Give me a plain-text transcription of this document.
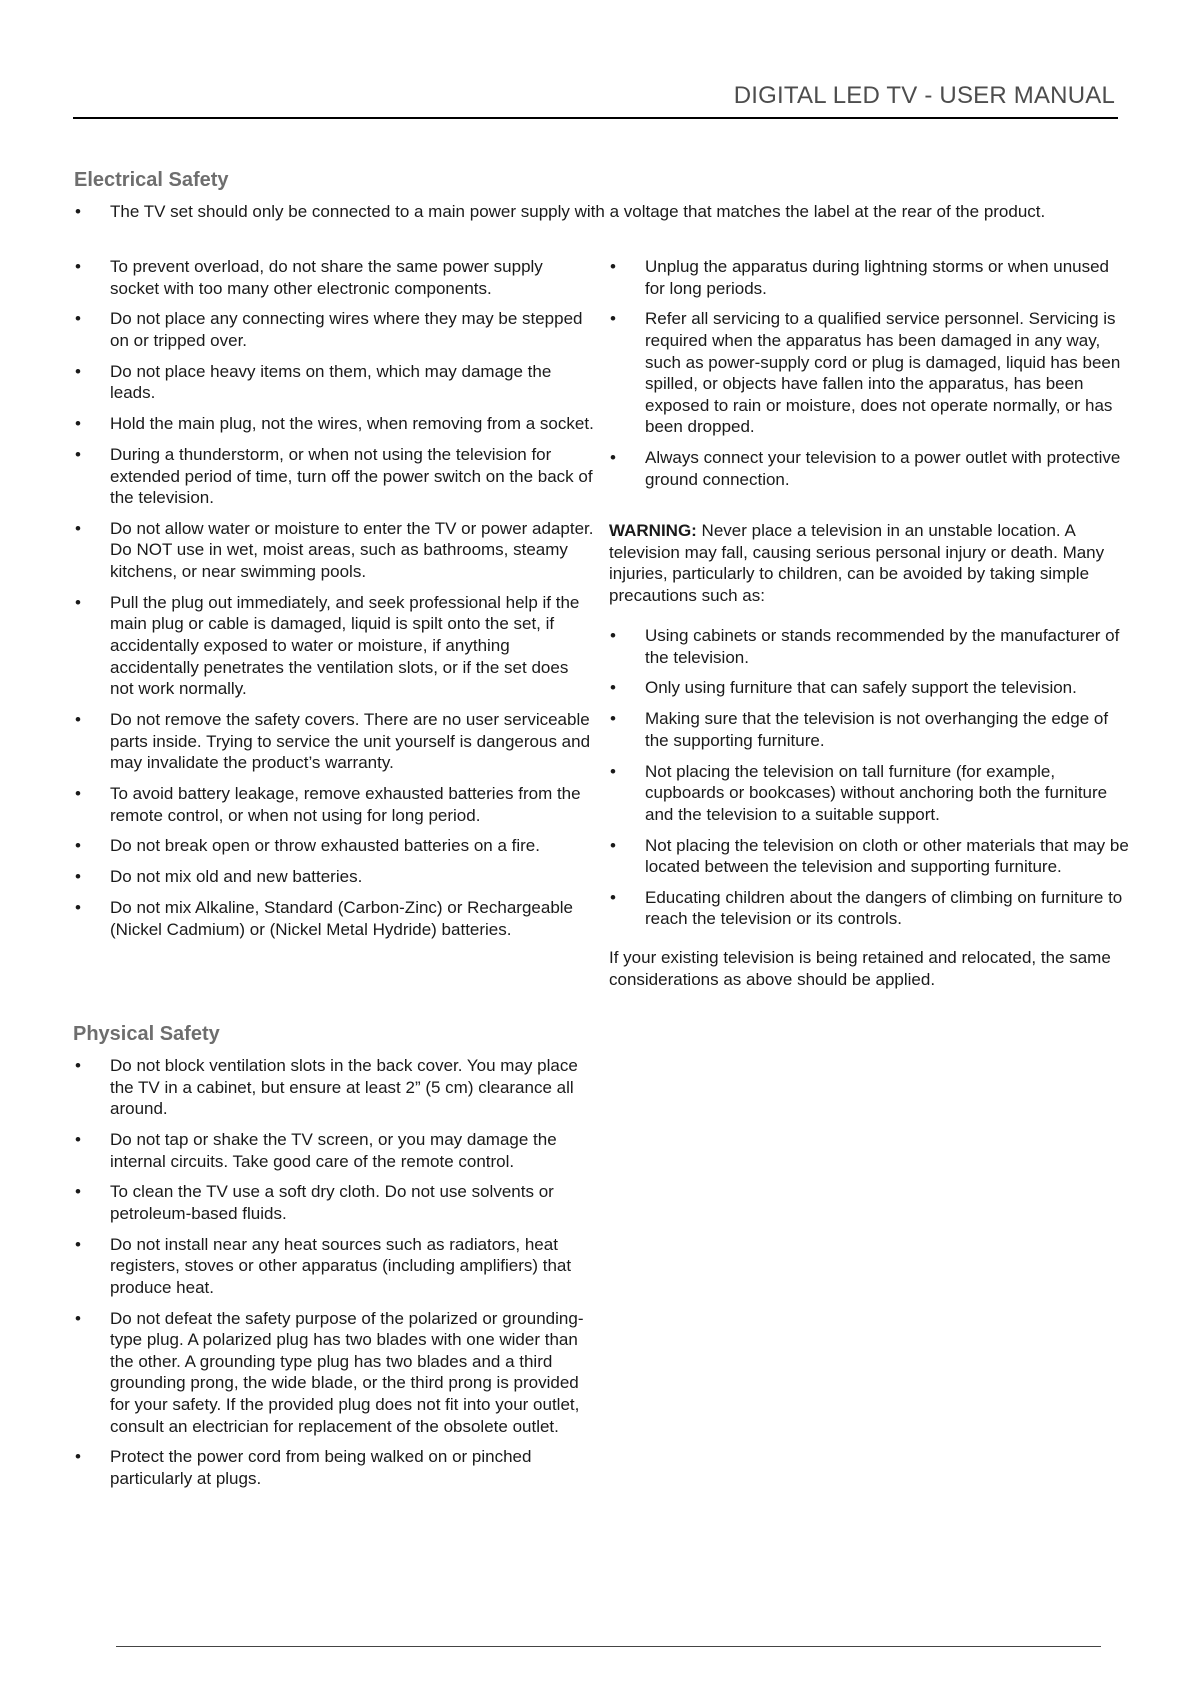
DIGITAL LED TV - USER MANUAL
Electrical Safety
• The TV set should only be connected to a main power supply with a voltage that matches the label at the rear of the product.
• To prevent overload, do not share the same power supply socket with too many other electronic components.
• Do not place any connecting wires where they may be stepped on or tripped over.
• Do not place heavy items on them, which may damage the leads.
• Hold the main plug, not the wires, when removing from a socket.
• During a thunderstorm, or when not using the television for extended period of time, turn off the power switch on the back of the television.
• Do not allow water or moisture to enter the TV or power adapter. Do NOT use in wet, moist areas, such as bathrooms, steamy kitchens, or near swimming pools.
• Pull the plug out immediately, and seek professional help if the main plug or cable is damaged, liquid is spilt onto the set, if accidentally exposed to water or moisture, if anything accidentally penetrates the ventilation slots, or if the set does not work normally.
• Do not remove the safety covers. There are no user serviceable parts inside. Trying to service the unit yourself is dangerous and may invalidate the product’s warranty.
• To avoid battery leakage, remove exhausted batteries from the remote control, or when not using for long period.
• Do not break open or throw exhausted batteries on a fire.
• Do not mix old and new batteries.
• Do not mix Alkaline, Standard (Carbon-Zinc) or Rechargeable (Nickel Cadmium) or (Nickel Metal Hydride) batteries.
• Unplug the apparatus during lightning storms or when unused for long periods.
• Refer all servicing to a qualified service personnel. Servicing is required when the apparatus has been damaged in any way, such as power-supply cord or plug is damaged, liquid has been spilled, or objects have fallen into the apparatus, has been exposed to rain or moisture, does not operate normally, or has been dropped.
• Always connect your television to a power outlet with protective ground connection.

WARNING: Never place a television in an unstable location. A television may fall, causing serious personal injury or death. Many injuries, particularly to children, can be avoided by taking simple precautions such as:

• Using cabinets or stands recommended by the manufacturer of the television.
• Only using furniture that can safely support the television.
• Making sure that the television is not overhanging the edge of the supporting furniture.
• Not placing the television on tall furniture (for example, cupboards or bookcases) without anchoring both the furniture and the television to a suitable support.
• Not placing the television on cloth or other materials that may be located between the television and supporting furniture.
• Educating children about the dangers of climbing on furniture to reach the television or its controls.

If your existing television is being retained and relocated, the same considerations as above should be applied.

Physical Safety
• Do not block ventilation slots in the back cover. You may place the TV in a cabinet, but ensure at least 2” (5 cm) clearance all around.
• Do not tap or shake the TV screen, or you may damage the internal circuits. Take good care of the remote control.
• To clean the TV use a soft dry cloth. Do not use solvents or petroleum-based fluids.
• Do not install near any heat sources such as radiators, heat registers, stoves or other apparatus (including amplifiers) that produce heat.
• Do not defeat the safety purpose of the polarized or grounding-type plug. A polarized plug has two blades with one wider than the other. A grounding type plug has two blades and a third grounding prong, the wide blade, or the third prong is provided for your safety. If the provided plug does not fit into your outlet, consult an electrician for replacement of the obsolete outlet.
• Protect the power cord from being walked on or pinched particularly at plugs.
